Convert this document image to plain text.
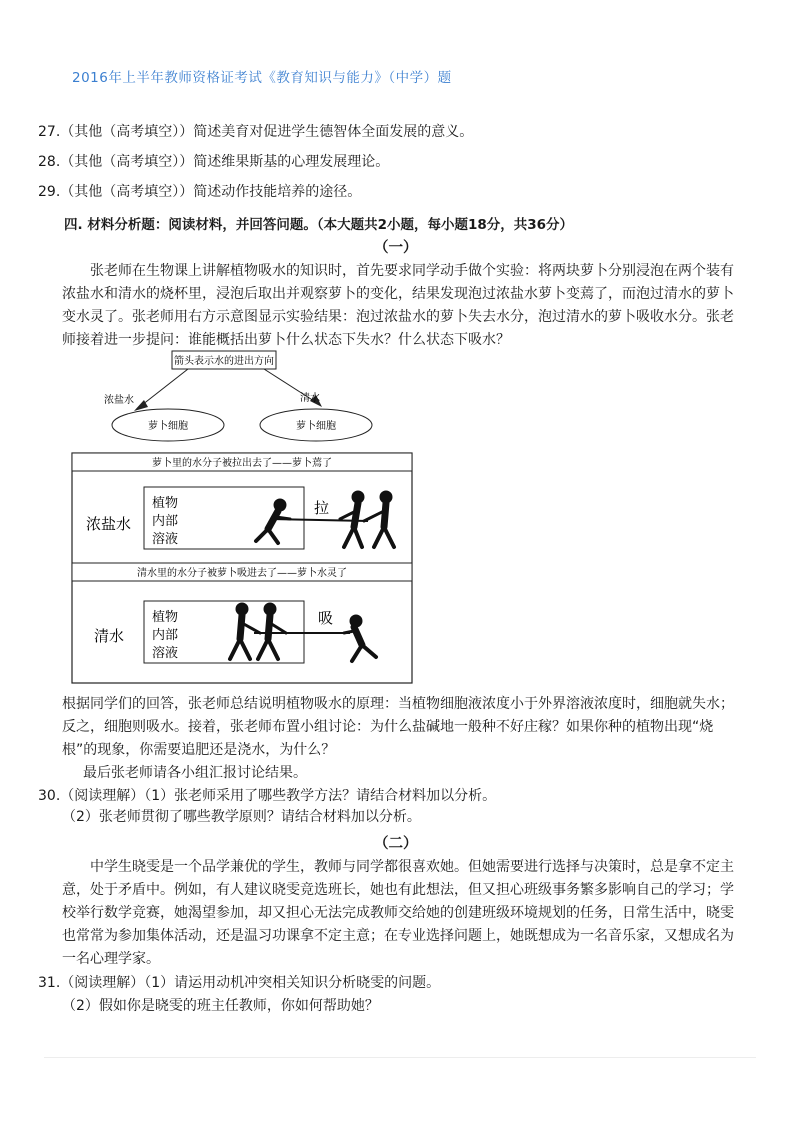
2016年上半年教师资格证考试《教育知识与能力》（中学）题
27.（其他（高考填空））简述美育对促进学生德智体全面发展的意义。
28.（其他（高考填空））简述维果斯基的心理发展理论。
29.（其他（高考填空））简述动作技能培养的途径。
四. 材料分析题：阅读材料，并回答问题。（本大题共2小题，每小题18分，共36分）
（一）

张老师在生物课上讲解植物吸水的知识时，首先要求同学动手做个实验：将两块萝卜分别浸泡在两个装有

浓盐水和清水的烧杯里，浸泡后取出并观察萝卜的变化，结果发现泡过浓盐水萝卜变蔫了，而泡过清水的萝卜

变水灵了。张老师用右方示意图显示实验结果：泡过浓盐水的萝卜失去水分，泡过清水的萝卜吸收水分。张老

师接着进一步提问：谁能概括出萝卜什么状态下失水？什么状态下吸水？

箭头表示水的进出方向
浓盐水	清水
萝卜细胞	萝卜细胞
萝卜里的水分子被拉出去了——萝卜蔫了
浓盐水
植物
内部
溶液
拉
清水里的水分子被萝卜吸进去了——萝卜水灵了
清水
植物
内部
溶液
吸

根据同学们的回答，张老师总结说明植物吸水的原理：当植物细胞液浓度小于外界溶液浓度时，细胞就失水；

反之，细胞则吸水。接着，张老师布置小组讨论：为什么盐碱地一般种不好庄稼？如果你种的植物出现“烧

根”的现象，你需要追肥还是浇水，为什么？

最后张老师请各小组汇报讨论结果。

30.（阅读理解）（1）张老师采用了哪些教学方法？请结合材料加以分析。
（2）张老师贯彻了哪些教学原则？请结合材料加以分析。
（二）

中学生晓雯是一个品学兼优的学生，教师与同学都很喜欢她。但她需要进行选择与决策时，总是拿不定主

意，处于矛盾中。例如，有人建议晓雯竞选班长，她也有此想法，但又担心班级事务繁多影响自己的学习；学

校举行数学竞赛，她渴望参加，却又担心无法完成教师交给她的创建班级环境规划的任务，日常生活中，晓雯

也常常为参加集体活动，还是温习功课拿不定主意；在专业选择问题上，她既想成为一名音乐家，又想成名为

一名心理学家。

31.（阅读理解）（1）请运用动机冲突相关知识分析晓雯的问题。
（2）假如你是晓雯的班主任教师，你如何帮助她？
